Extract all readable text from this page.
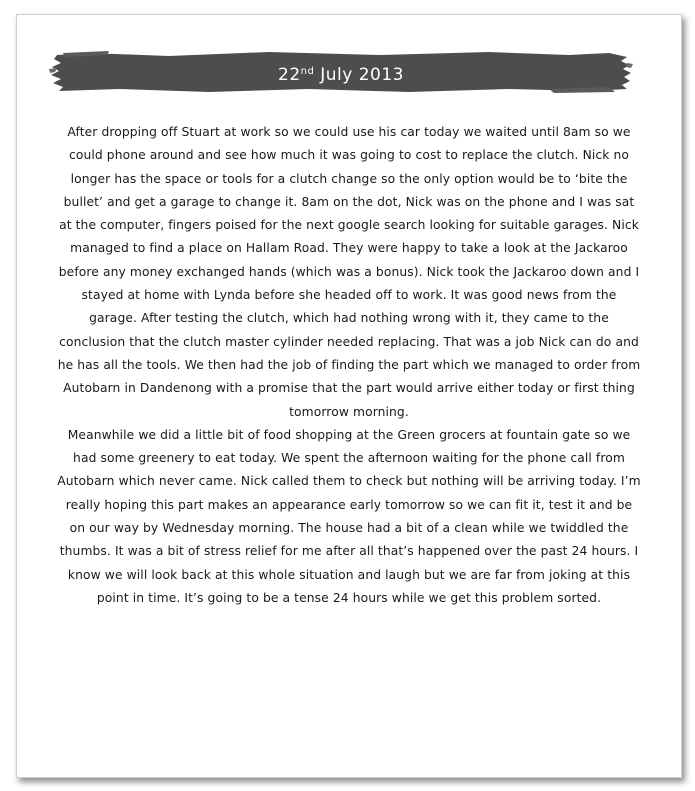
22nd July 2013

After dropping off Stuart at work so we could use his car today we waited until 8am so we could phone around and see how much it was going to cost to replace the clutch. Nick no longer has the space or tools for a clutch change so the only option would be to ‘bite the bullet’ and get a garage to change it. 8am on the dot, Nick was on the phone and I was sat at the computer, fingers poised for the next google search looking for suitable garages. Nick managed to find a place on Hallam Road. They were happy to take a look at the Jackaroo before any money exchanged hands (which was a bonus). Nick took the Jackaroo down and I stayed at home with Lynda before she headed off to work. It was good news from the garage. After testing the clutch, which had nothing wrong with it, they came to the conclusion that the clutch master cylinder needed replacing. That was a job Nick can do and he has all the tools. We then had the job of finding the part which we managed to order from Autobarn in Dandenong with a promise that the part would arrive either today or first thing tomorrow morning.

Meanwhile we did a little bit of food shopping at the Green grocers at fountain gate so we had some greenery to eat today. We spent the afternoon waiting for the phone call from Autobarn which never came. Nick called them to check but nothing will be arriving today. I’m really hoping this part makes an appearance early tomorrow so we can fit it, test it and be on our way by Wednesday morning. The house had a bit of a clean while we twiddled the thumbs. It was a bit of stress relief for me after all that’s happened over the past 24 hours. I know we will look back at this whole situation and laugh but we are far from joking at this point in time. It’s going to be a tense 24 hours while we get this problem sorted.
